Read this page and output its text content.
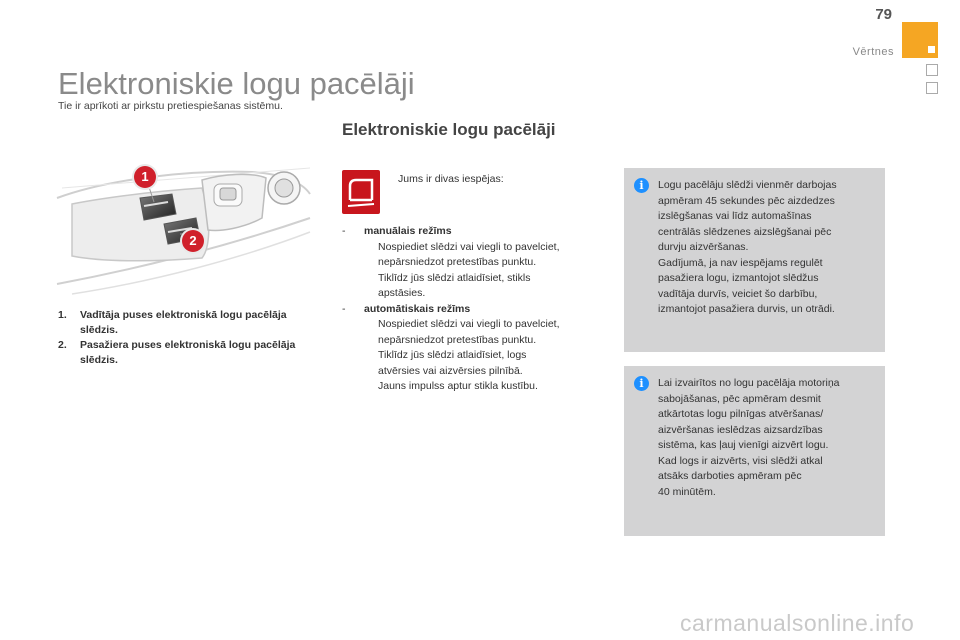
79
Vērtnes
Elektroniskie logu pacēlāji
Tie ir aprīkoti ar pirkstu pretiespiešanas sistēmu.
Elektroniskie logu pacēlāji
1
2
1.	Vadītāja puses elektroniskā logu pacēlāja slēdzis.
2.	Pasažiera puses elektroniskā logu pacēlāja slēdzis.
Jums ir divas iespējas:
-	manuālais režīms
Nospiediet slēdzi vai viegli to pavelciet,
nepārsniedzot pretestības punktu.
Tiklīdz jūs slēdzi atlaidīsiet, stikls
apstāsies.
-	automātiskais režīms
Nospiediet slēdzi vai viegli to pavelciet,
nepārsniedzot pretestības punktu.
Tiklīdz jūs slēdzi atlaidīsiet, logs
atvērsies vai aizvērsies pilnībā.
Jauns impulss aptur stikla kustību.
i	Logu pacēlāju slēdži vienmēr darbojas
apmēram 45 sekundes pēc aizdedzes
izslēgšanas vai līdz automašīnas
centrālās slēdzenes aizslēgšanai pēc
durvju aizvēršanas.
Gadījumā, ja nav iespējams regulēt
pasažiera logu, izmantojot slēdžus
vadītāja durvīs, veiciet šo darbību,
izmantojot pasažiera durvis, un otrādi.
i	Lai izvairītos no logu pacēlāja motoriņa
sabojāšanas, pēc apmēram desmit
atkārtotas logu pilnīgas atvēršanas/
aizvēršanas ieslēdzas aizsardzības
sistēma, kas ļauj vienīgi aizvērt logu.
Kad logs ir aizvērts, visi slēdži atkal
atsāks darboties apmēram pēc
40 minūtēm.
carmanualsonline.info
